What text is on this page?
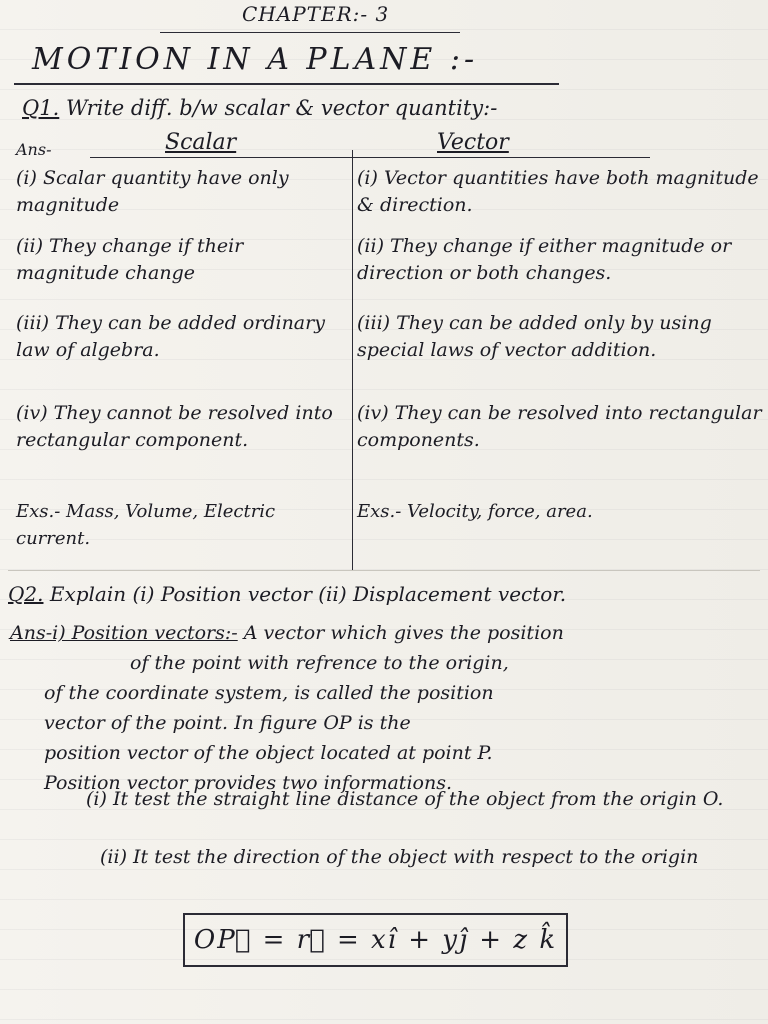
CHAPTER:- 3
MOTION IN A PLANE :-
Q1. Write diff. b/w scalar & vector quantity:-
Ans-	Scalar	Vector
(i) Scalar quantity have only magnitude
(i) Vector quantities have both magnitude & direction.
(ii) They change if their magnitude change
(ii) They change if either magnitude or direction or both changes.
(iii) They can be added ordinary law of algebra.
(iii) They can be added only by using special laws of vector addition.
(iv) They cannot be resolved into rectangular component.
(iv) They can be resolved into rectangular components.
Exs.- Mass, Volume, Electric current.
Exs.- Velocity, force, area.
Q2. Explain (i) Position vector (ii) Displacement vector.
Ans-i) Position vectors:- A vector which gives the position
of the point with refrence to the origin,
of the coordinate system, is called the position
vector of the point. In figure OP is the
position vector of the object located at point P.
Position vector provides two informations.
(i) It test the straight line distance of the object from the origin O.
(ii) It test the direction of the object with respect to the origin
OP⃗ = r⃗ = xî + yĵ + z k̂
